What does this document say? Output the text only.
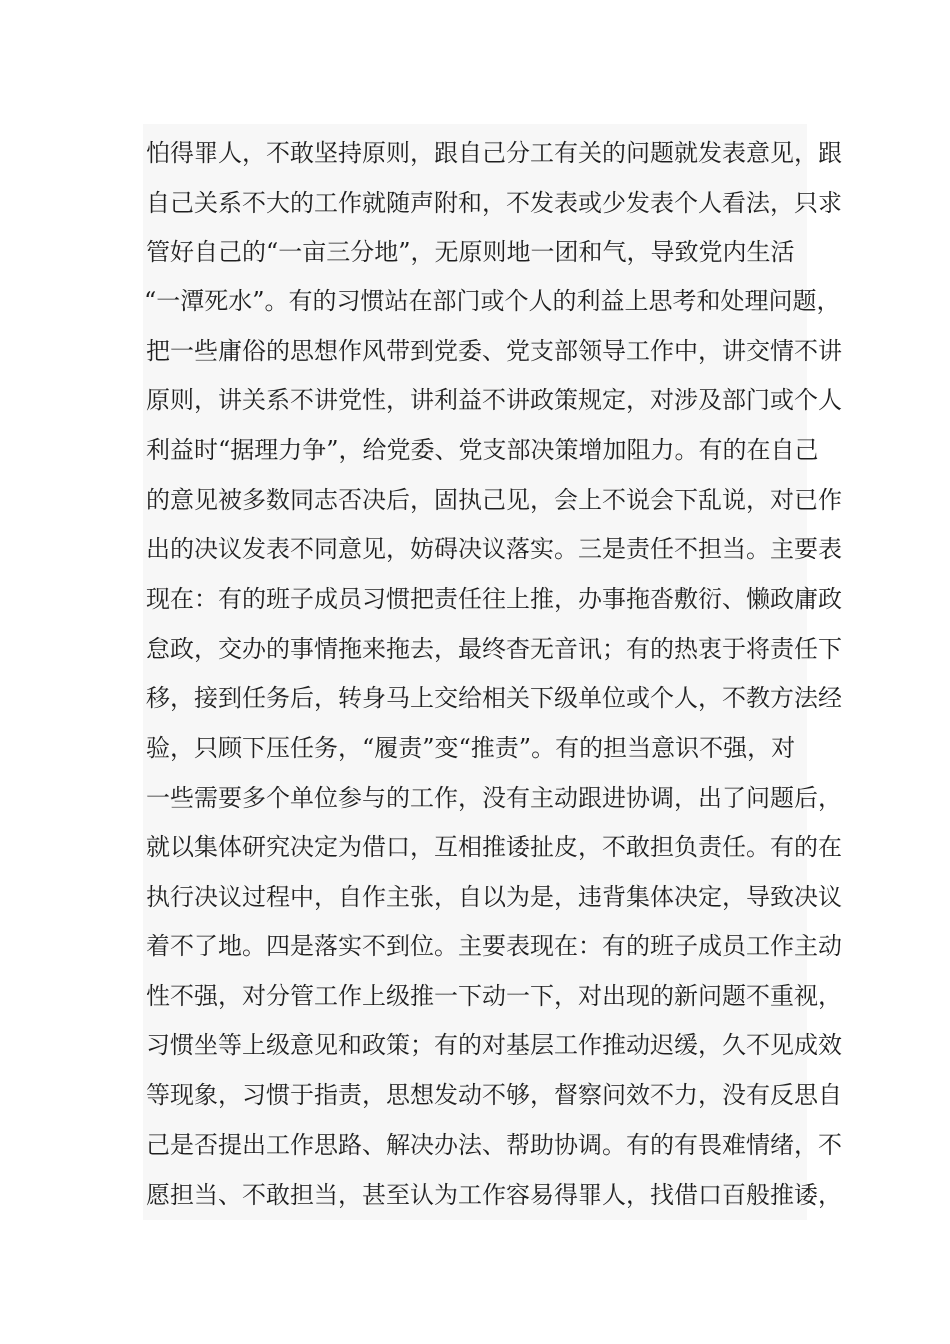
怕得罪人，不敢坚持原则，跟自己分工有关的问题就发表意见，跟

自己关系不大的工作就随声附和，不发表或少发表个人看法，只求

管好自己的“一亩三分地”，无原则地一团和气，导致党内生活

“一潭死水”。有的习惯站在部门或个人的利益上思考和处理问题，

把一些庸俗的思想作风带到党委、党支部领导工作中，讲交情不讲

原则，讲关系不讲党性，讲利益不讲政策规定，对涉及部门或个人

利益时“据理力争”，给党委、党支部决策增加阻力。有的在自己

的意见被多数同志否决后，固执己见，会上不说会下乱说，对已作

出的决议发表不同意见，妨碍决议落实。三是责任不担当。主要表

现在：有的班子成员习惯把责任往上推，办事拖沓敷衍、懒政庸政

怠政，交办的事情拖来拖去，最终杳无音讯；有的热衷于将责任下

移，接到任务后，转身马上交给相关下级单位或个人，不教方法经

验，只顾下压任务，“履责”变“推责”。有的担当意识不强，对

一些需要多个单位参与的工作，没有主动跟进协调，出了问题后，

就以集体研究决定为借口，互相推诿扯皮，不敢担负责任。有的在

执行决议过程中，自作主张，自以为是，违背集体决定，导致决议

着不了地。四是落实不到位。主要表现在：有的班子成员工作主动

性不强，对分管工作上级推一下动一下，对出现的新问题不重视，

习惯坐等上级意见和政策；有的对基层工作推动迟缓，久不见成效

等现象，习惯于指责，思想发动不够，督察问效不力，没有反思自

己是否提出工作思路、解决办法、帮助协调。有的有畏难情绪，不

愿担当、不敢担当，甚至认为工作容易得罪人，找借口百般推诿，
